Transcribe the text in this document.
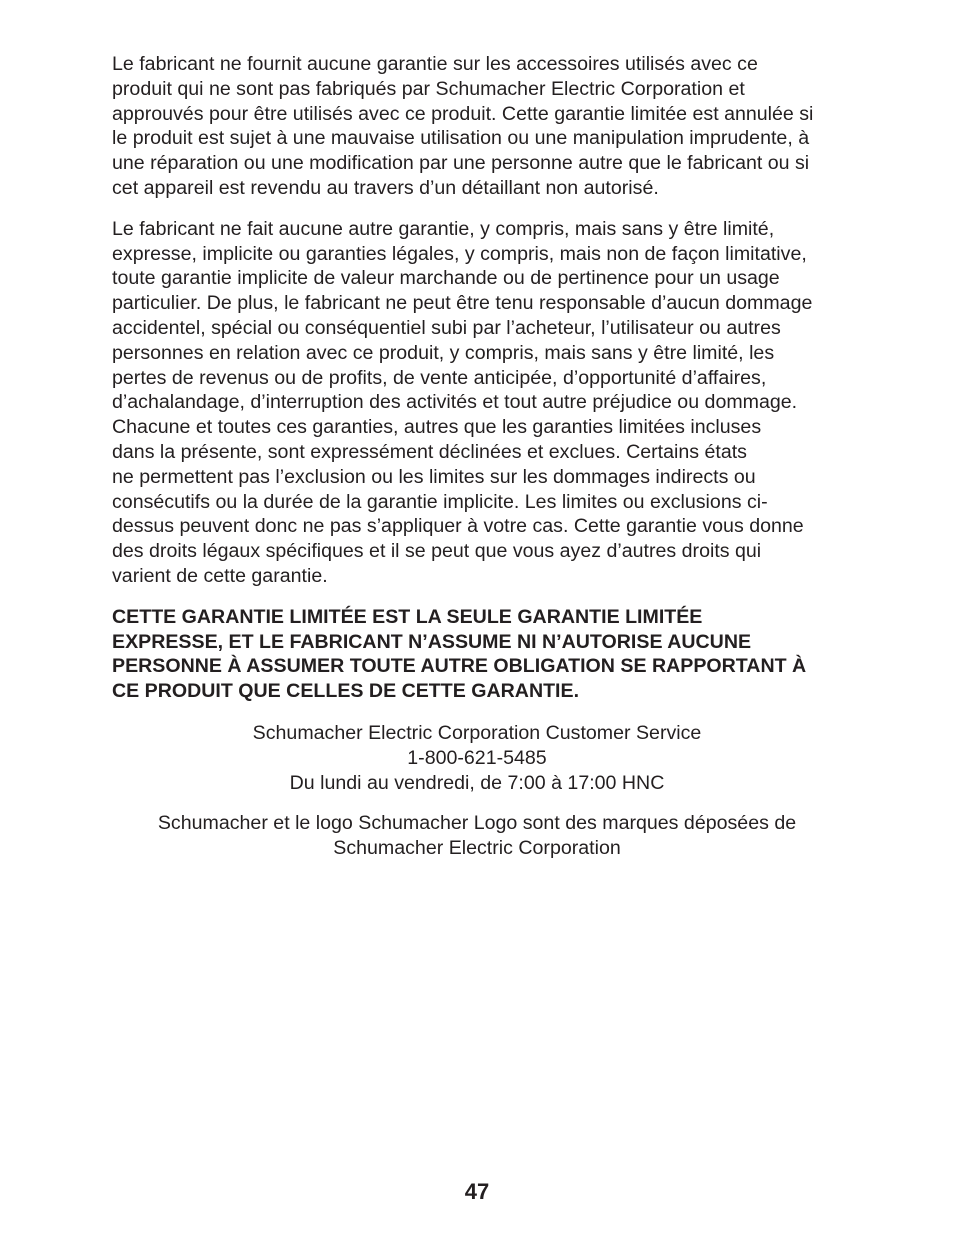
Le fabricant ne fournit aucune garantie sur les accessoires utilisés avec ce
produit qui ne sont pas fabriqués par Schumacher Electric Corporation et
approuvés pour être utilisés avec ce produit. Cette garantie limitée est annulée si
le produit est sujet à une mauvaise utilisation ou une manipulation imprudente, à
une réparation ou une modification par une personne autre que le fabricant ou si
cet appareil est revendu au travers d’un détaillant non autorisé.

Le fabricant ne fait aucune autre garantie, y compris, mais sans y être limité,
expresse, implicite ou garanties légales, y compris, mais non de façon limitative,
toute garantie implicite de valeur marchande ou de pertinence pour un usage
particulier. De plus, le fabricant ne peut être tenu responsable d’aucun dommage
accidentel, spécial ou conséquentiel subi par l’acheteur, l’utilisateur ou autres
personnes en relation avec ce produit, y compris, mais sans y être limité, les
pertes de revenus ou de profits, de vente anticipée, d’opportunité d’affaires,
d’achalandage, d’interruption des activités et tout autre préjudice ou dommage.
Chacune et toutes ces garanties, autres que les garanties limitées incluses
dans la présente, sont expressément déclinées et exclues. Certains états
ne permettent pas l’exclusion ou les limites sur les dommages indirects ou
consécutifs ou la durée de la garantie implicite. Les limites ou exclusions ci-
dessus peuvent donc ne pas s’appliquer à votre cas. Cette garantie vous donne
des droits légaux spécifiques et il se peut que vous ayez d’autres droits qui
varient de cette garantie.

CETTE GARANTIE LIMITÉE EST LA SEULE GARANTIE LIMITÉE
EXPRESSE, ET LE FABRICANT N’ASSUME NI N’AUTORISE AUCUNE
PERSONNE À ASSUMER TOUTE AUTRE OBLIGATION SE RAPPORTANT À
CE PRODUIT QUE CELLES DE CETTE GARANTIE.

Schumacher Electric Corporation Customer Service
1-800-621-5485
Du lundi au vendredi, de 7:00 à 17:00 HNC

Schumacher et le logo Schumacher Logo sont des marques déposées de
Schumacher Electric Corporation

47
